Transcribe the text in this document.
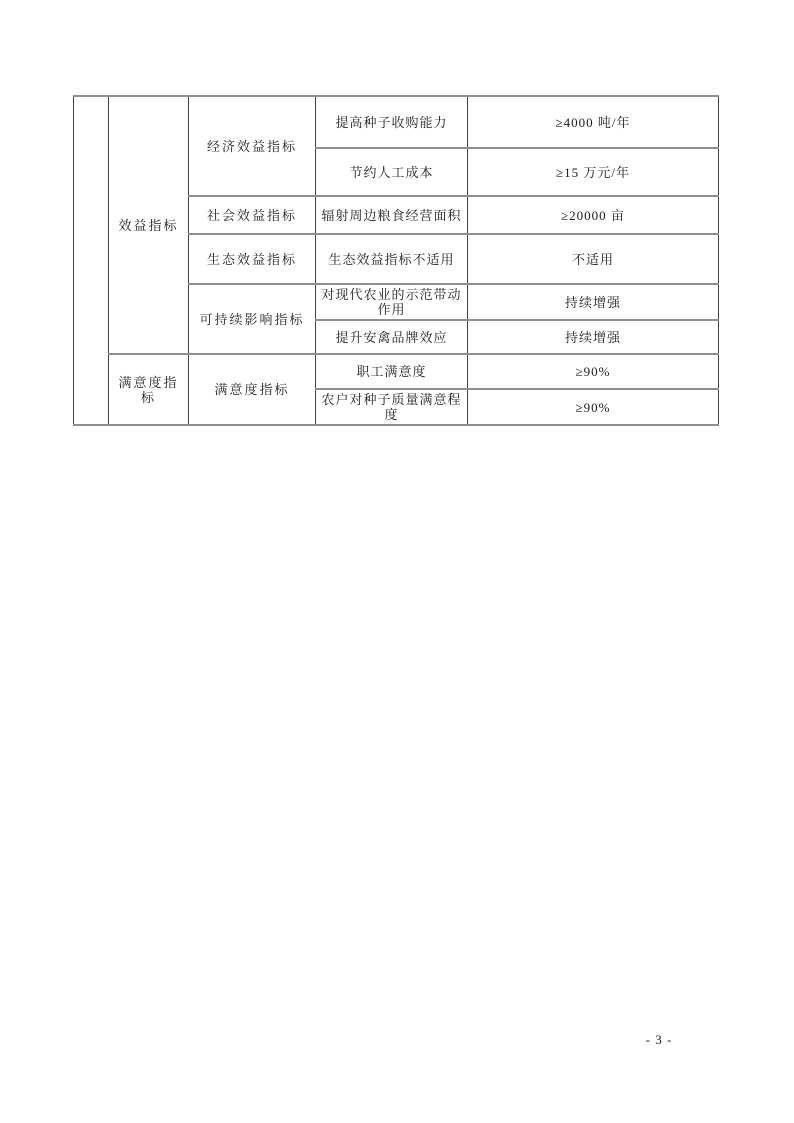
	效益指标	经济效益指标	提高种子收购能力	≥4000 吨/年
			节约人工成本	≥15 万元/年
		社会效益指标	辐射周边粮食经营面积	≥20000 亩
		生态效益指标	生态效益指标不适用	不适用
		可持续影响指标	对现代农业的示范带动作用	持续增强
			提升安禽品牌效应	持续增强
	满意度指标	满意度指标	职工满意度	≥90%
			农户对种子质量满意程度	≥90%
- 3 -
